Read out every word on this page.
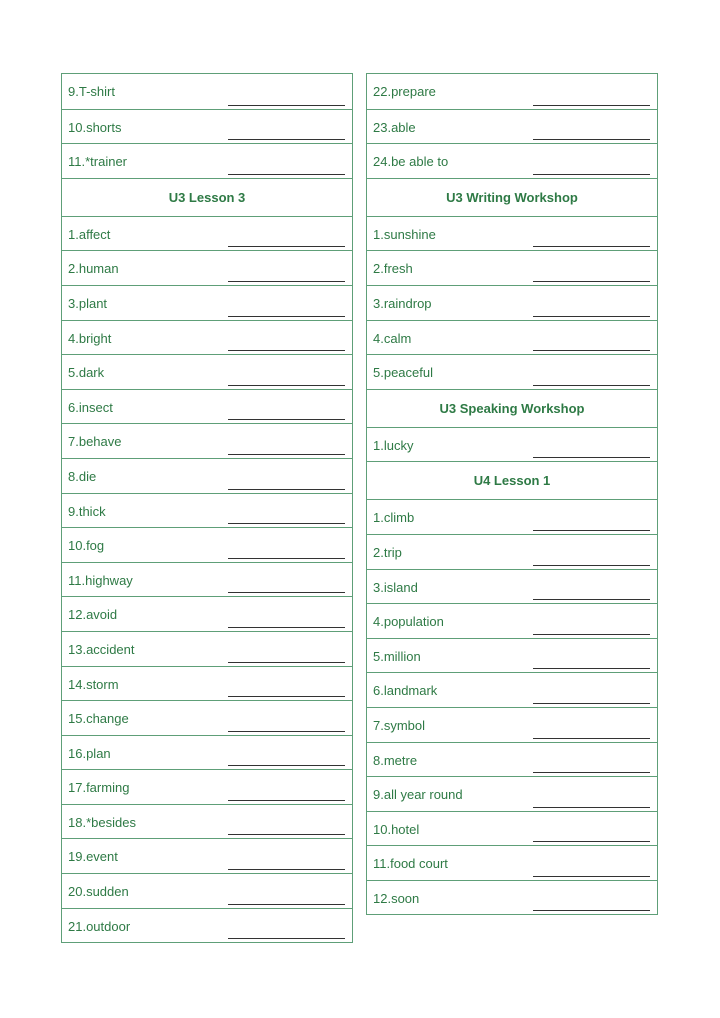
9.T-shirt
10.shorts
11.*trainer
U3 Lesson 3
1.affect
2.human
3.plant
4.bright
5.dark
6.insect
7.behave
8.die
9.thick
10.fog
11.highway
12.avoid
13.accident
14.storm
15.change
16.plan
17.farming
18.*besides
19.event
20.sudden
21.outdoor
22.prepare
23.able
24.be able to
U3 Writing Workshop
1.sunshine
2.fresh
3.raindrop
4.calm
5.peaceful
U3 Speaking Workshop
1.lucky
U4 Lesson 1
1.climb
2.trip
3.island
4.population
5.million
6.landmark
7.symbol
8.metre
9.all year round
10.hotel
11.food court
12.soon
